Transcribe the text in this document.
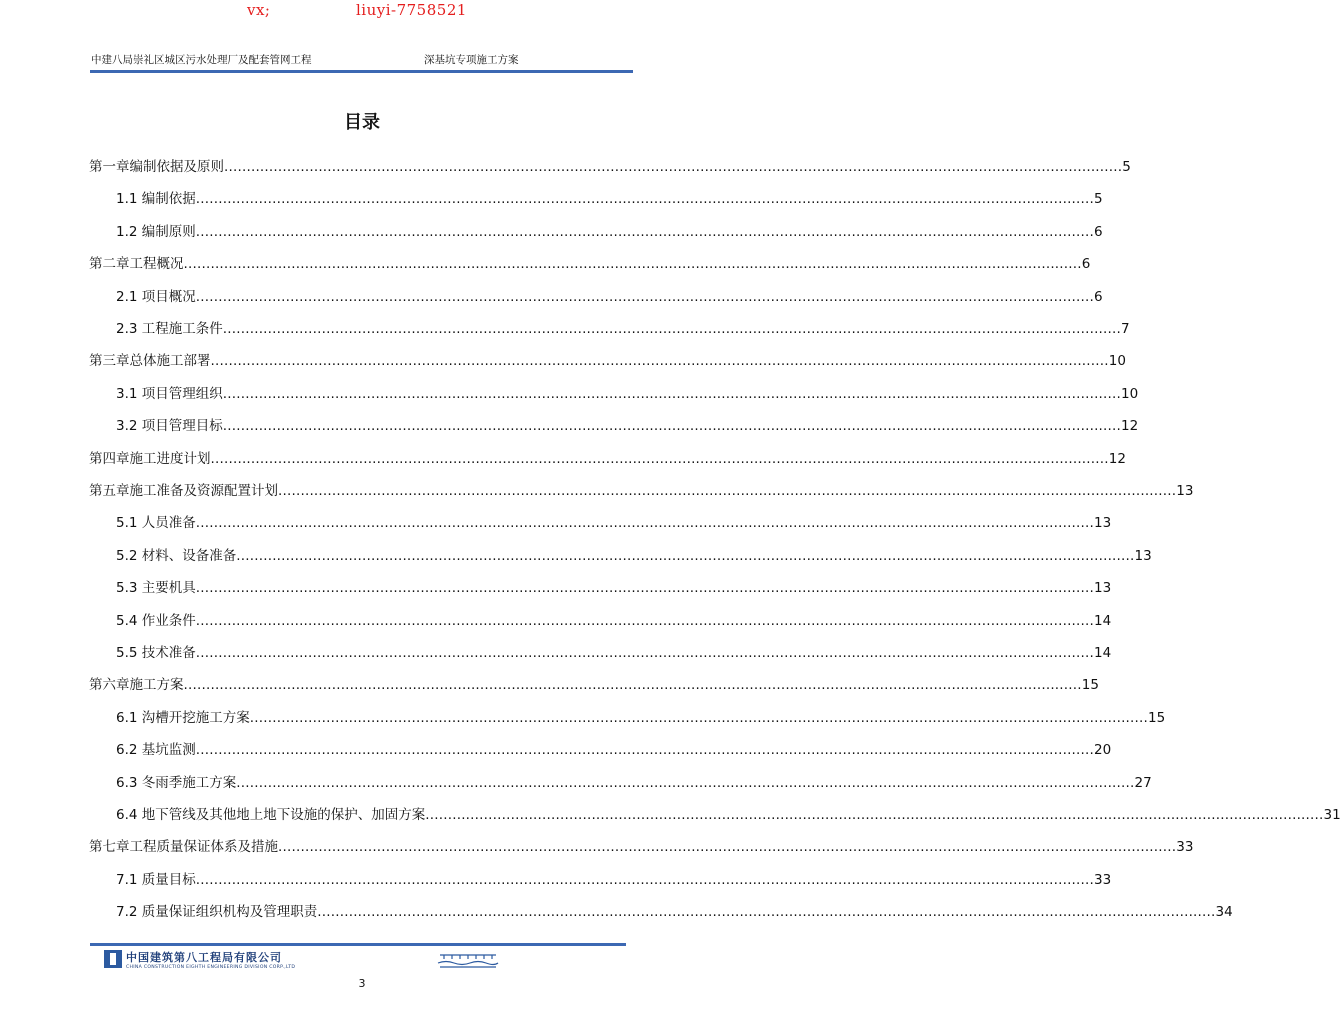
vx;	liuyi-7758521
中建八局崇礼区城区污水处理厂及配套管网工程	深基坑专项施工方案
目录
第一章编制依据及原则 ........................................................................................................................................................................................................ 5
1.1 编制依据 ........................................................................................................................................................................................................ 5
1.2 编制原则 ........................................................................................................................................................................................................ 6
第二章工程概况 ........................................................................................................................................................................................................ 6
2.1 项目概况 ........................................................................................................................................................................................................ 6
2.3 工程施工条件 ........................................................................................................................................................................................................ 7
第三章总体施工部署 ........................................................................................................................................................................................................ 10
3.1 项目管理组织 ........................................................................................................................................................................................................ 10
3.2 项目管理目标 ........................................................................................................................................................................................................ 12
第四章施工进度计划 ........................................................................................................................................................................................................ 12
第五章施工准备及资源配置计划 ........................................................................................................................................................................................................ 13
5.1 人员准备 ........................................................................................................................................................................................................ 13
5.2 材料、设备准备 ........................................................................................................................................................................................................ 13
5.3 主要机具 ........................................................................................................................................................................................................ 13
5.4 作业条件 ........................................................................................................................................................................................................ 14
5.5 技术准备 ........................................................................................................................................................................................................ 14
第六章施工方案 ........................................................................................................................................................................................................ 15
6.1 沟槽开挖施工方案 ........................................................................................................................................................................................................ 15
6.2 基坑监测 ........................................................................................................................................................................................................ 20
6.3 冬雨季施工方案 ........................................................................................................................................................................................................ 27
6.4 地下管线及其他地上地下设施的保护、加固方案 ........................................................................................................................................................................................................ 31
第七章工程质量保证体系及措施 ........................................................................................................................................................................................................ 33
7.1 质量目标 ........................................................................................................................................................................................................ 33
7.2 质量保证组织机构及管理职责 ........................................................................................................................................................................................................ 34
中国建筑第八工程局有限公司
CHINA CONSTRUCTION EIGHTH ENGINEERING DIVISION CORP.,LTD
3
